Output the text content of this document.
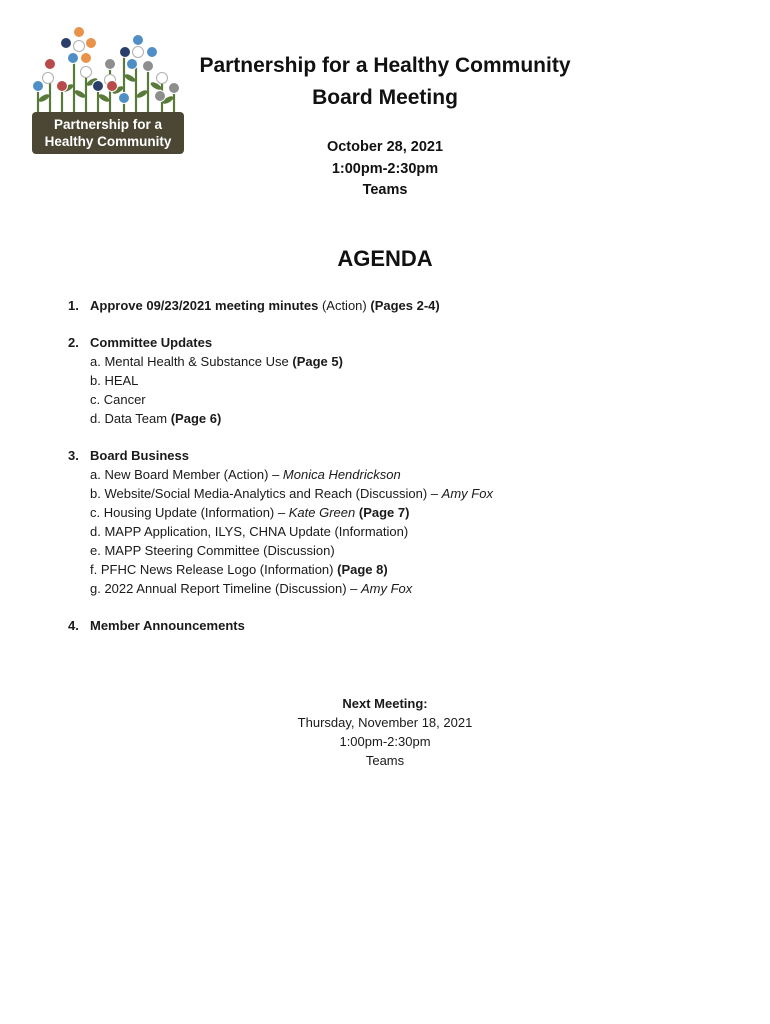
Partnership for a
Healthy Community
Partnership for a Healthy Community
Board Meeting
October 28, 2021
1:00pm-2:30pm
Teams
AGENDA
1. Approve 09/23/2021 meeting minutes (Action) (Pages 2-4)
2. Committee Updates
a. Mental Health & Substance Use (Page 5)
b. HEAL
c. Cancer
d. Data Team (Page 6)
3. Board Business
a. New Board Member (Action) – Monica Hendrickson
b. Website/Social Media-Analytics and Reach (Discussion) – Amy Fox
c. Housing Update (Information) – Kate Green (Page 7)
d. MAPP Application, ILYS, CHNA Update (Information)
e. MAPP Steering Committee (Discussion)
f. PFHC News Release Logo (Information) (Page 8)
g. 2022 Annual Report Timeline (Discussion) – Amy Fox
4. Member Announcements
Next Meeting:
Thursday, November 18, 2021
1:00pm-2:30pm
Teams
